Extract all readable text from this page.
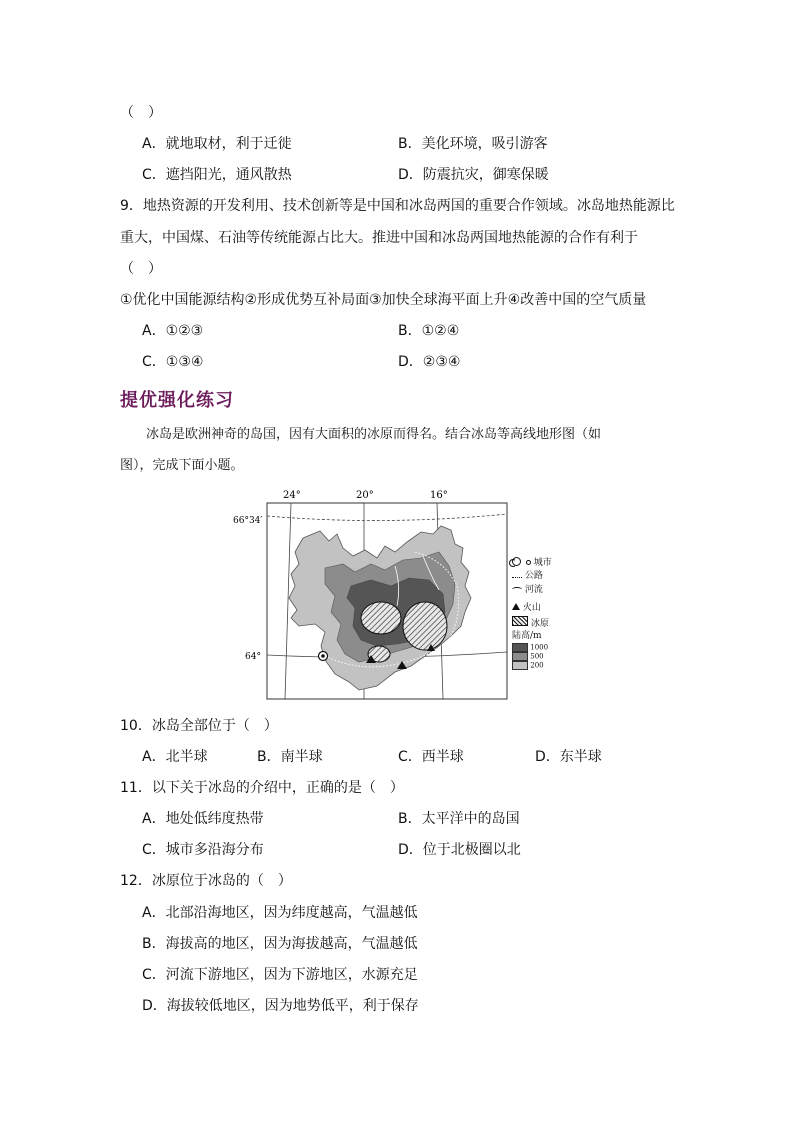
（　）
A．就地取材，利于迁徙	B．美化环境，吸引游客
C．遮挡阳光，通风散热	D．防震抗灾，御寒保暖
9．地热资源的开发利用、技术创新等是中国和冰岛两国的重要合作领域。冰岛地热能源比
重大，中国煤、石油等传统能源占比大。推进中国和冰岛两国地热能源的合作有利于
（　）
①优化中国能源结构②形成优势互补局面③加快全球海平面上升④改善中国的空气质量
A．①②③	B．①②④
C．①③④	D．②③④
提优强化练习
冰岛是欧洲神奇的岛国，因有大面积的冰原而得名。结合冰岛等高线地形图（如
图），完成下面小题。
24°	20°	16°
66°34′
64°
城市
公路
河流
火山
冰原
陆高/m
1000
500
200
10．冰岛全部位于（　）
A．北半球	B．南半球	C．西半球	D．东半球
11．以下关于冰岛的介绍中，正确的是（　）
A．地处低纬度热带	B．太平洋中的岛国
C．城市多沿海分布	D．位于北极圈以北
12．冰原位于冰岛的（　）
A．北部沿海地区，因为纬度越高，气温越低
B．海拔高的地区，因为海拔越高，气温越低
C．河流下游地区，因为下游地区，水源充足
D．海拔较低地区，因为地势低平，利于保存
